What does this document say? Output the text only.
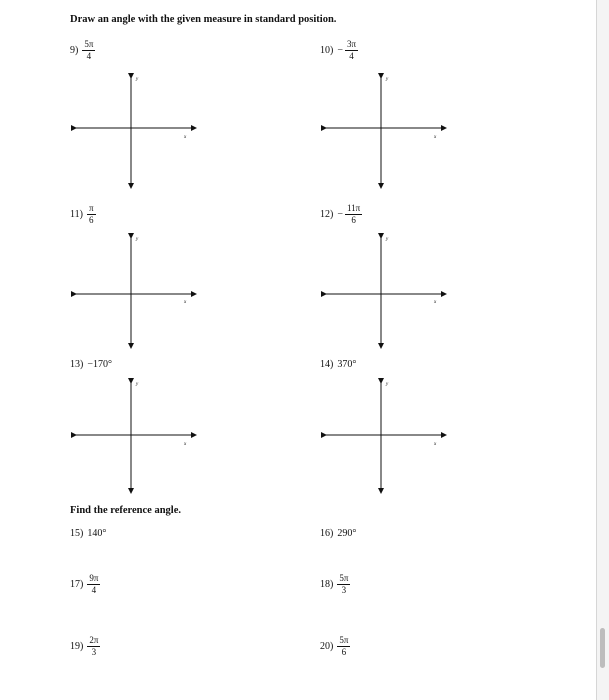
Draw an angle with the given measure in standard position.
$9) \frac{5\pi}{4}$	$10) - \frac{3\pi}{4}$
$11) \frac{\pi}{6}$	$12) - \frac{11\pi}{6}$
13) −170°	14) 370°
Find the reference angle.
15) 140°	16) 290°
$17) \frac{9\pi}{4}$	$18) \frac{5\pi}{3}$
$19) \frac{2\pi}{3}$	$20) \frac{5\pi}{6}$
x
y
x
y
x
y
x
y
x
y
x
y
